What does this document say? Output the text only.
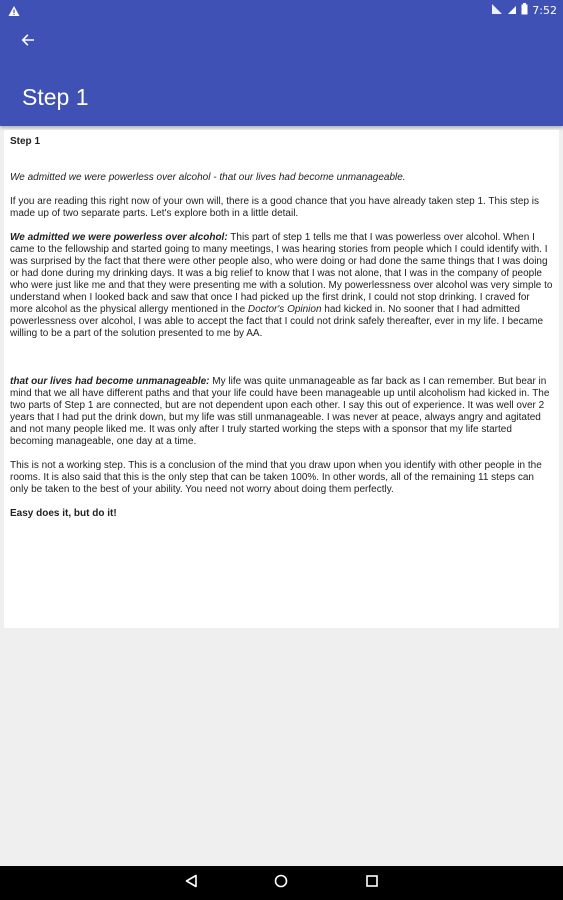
7:52
Step 1

Step 1

We admitted we were powerless over alcohol - that our lives had become unmanageable.

If you are reading this right now of your own will, there is a good chance that you have already taken step 1. This step is made up of two separate parts. Let's explore both in a little detail.

We admitted we were powerless over alcohol: This part of step 1 tells me that I was powerless over alcohol. When I came to the fellowship and started going to many meetings, I was hearing stories from people which I could identify with. I was surprised by the fact that there were other people also, who were doing or had done the same things that I was doing or had done during my drinking days. It was a big relief to know that I was not alone, that I was in the company of people who were just like me and that they were presenting me with a solution. My powerlessness over alcohol was very simple to understand when I looked back and saw that once I had picked up the first drink, I could not stop drinking. I craved for more alcohol as the physical allergy mentioned in the Doctor's Opinion had kicked in. No sooner that I had admitted powerlessness over alcohol, I was able to accept the fact that I could not drink safely thereafter, ever in my life. I became willing to be a part of the solution presented to me by AA.

that our lives had become unmanageable: My life was quite unmanageable as far back as I can remember. But bear in mind that we all have different paths and that your life could have been manageable up until alcoholism had kicked in. The two parts of Step 1 are connected, but are not dependent upon each other. I say this out of experience. It was well over 2 years that I had put the drink down, but my life was still unmanageable. I was never at peace, always angry and agitated and not many people liked me. It was only after I truly started working the steps with a sponsor that my life started becoming manageable, one day at a time.

This is not a working step. This is a conclusion of the mind that you draw upon when you identify with other people in the rooms. It is also said that this is the only step that can be taken 100%. In other words, all of the remaining 11 steps can only be taken to the best of your ability. You need not worry about doing them perfectly.

Easy does it, but do it!
